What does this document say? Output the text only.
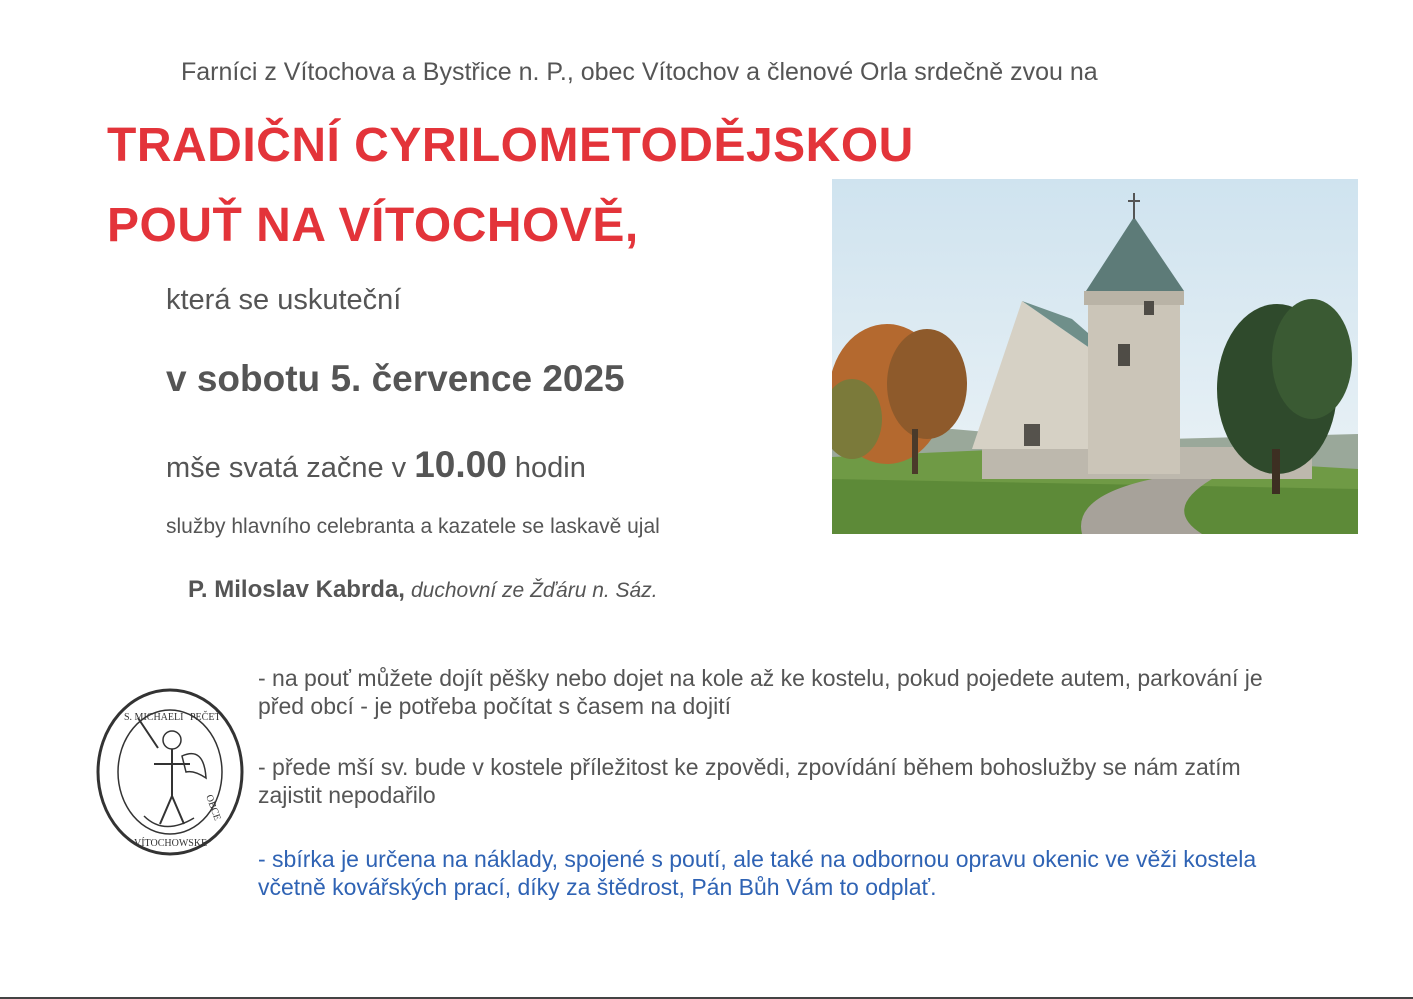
Farníci z Vítochova a Bystřice n. P., obec Vítochov a členové Orla srdečně zvou na
TRADIČNÍ CYRILOMETODĚJSKOU
POUŤ NA VÍTOCHOVĚ,
která se uskuteční
v sobotu 5. července 2025
mše svatá začne v 10.00 hodin
služby hlavního celebranta a kazatele se laskavě ujal
P. Miloslav Kabrda, duchovní ze Žďáru n. Sáz.
S. MICHAELI PEČEŤ
OBCE
VÍTOCHOWSKE
- na pouť můžete dojít pěšky nebo dojet na kole až ke kostelu, pokud pojedete autem, parkování je před obcí - je potřeba počítat s časem na dojití
- přede mší sv. bude v kostele příležitost ke zpovědi, zpovídání během bohoslužby se nám zatím zajistit nepodařilo
- sbírka je určena na náklady, spojené s poutí, ale také na odbornou opravu okenic ve věži kostela včetně kovářských prací, díky za štědrost, Pán Bůh Vám to odplať.
